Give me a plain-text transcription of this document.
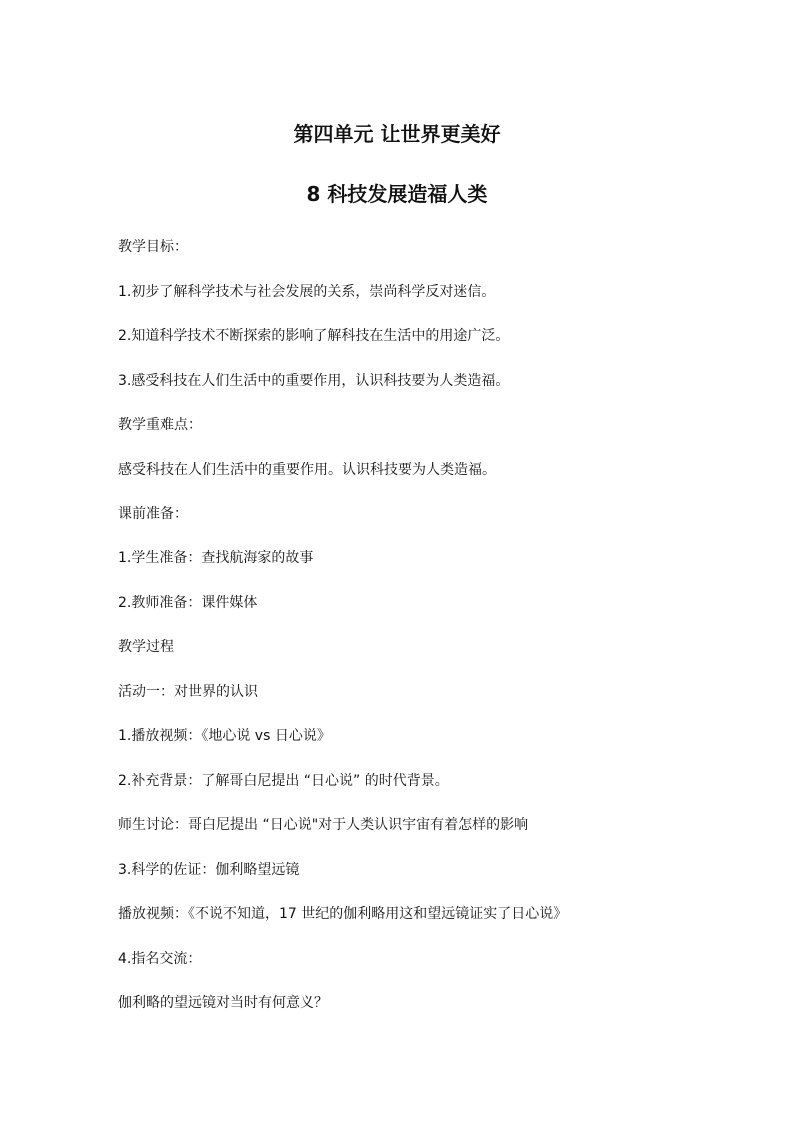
第四单元 让世界更美好
8 科技发展造福人类
教学目标：
1.初步了解科学技术与社会发展的关系，崇尚科学反对迷信。
2.知道科学技术不断探索的影响了解科技在生活中的用途广泛。
3.感受科技在人们生活中的重要作用，认识科技要为人类造福。
教学重难点：
感受科技在人们生活中的重要作用。认识科技要为人类造福。
课前准备：
1.学生准备：查找航海家的故事
2.教师准备：课件媒体
教学过程
活动一：对世界的认识
1.播放视频：《地心说 vs 日心说》
2.补充背景：了解哥白尼提出 “日心说” 的时代背景。
师生讨论：哥白尼提出 “日心说"对于人类认识宇宙有着怎样的影响
3.科学的佐证：伽利略望远镜
播放视频：《不说不知道，17 世纪的伽利略用这和望远镜证实了日心说》
4.指名交流：
伽利略的望远镜对当时有何意义？
